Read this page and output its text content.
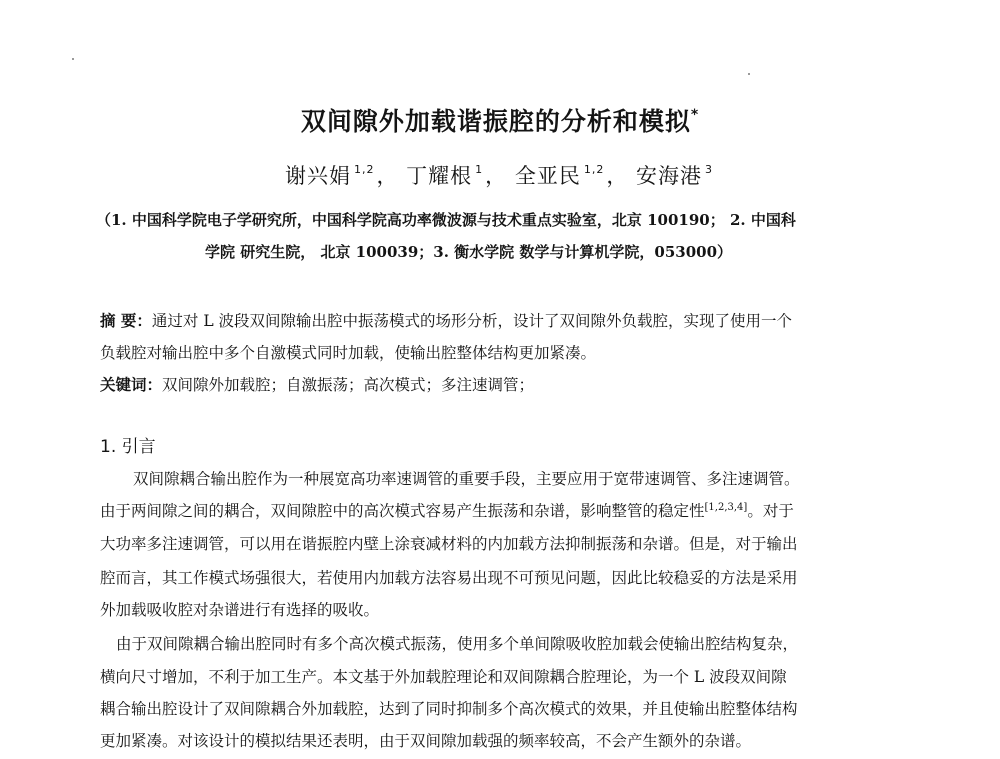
双间隙外加载谐振腔的分析和模拟*
谢兴娟 $^{1,2}$， 丁耀根 $^1$， 全亚民 $^{1,2}$， 安海港 $^3$
（1. 中国科学院电子学研究所，中国科学院高功率微波源与技术重点实验室，北京 100190； 2. 中国科
学院 研究生院， 北京 100039；3. 衡水学院 数学与计算机学院，053000）
摘 要：通过对 L 波段双间隙输出腔中振荡模式的场形分析，设计了双间隙外负载腔，实现了使用一个
负载腔对输出腔中多个自激模式同时加载，使输出腔整体结构更加紧凑。
关键词：双间隙外加载腔；自激振荡；高次模式；多注速调管；
1. 引言
双间隙耦合输出腔作为一种展宽高功率速调管的重要手段，主要应用于宽带速调管、多注速调管。
由于两间隙之间的耦合，双间隙腔中的高次模式容易产生振荡和杂谱，影响整管的稳定性[1,2,3,4]。对于
大功率多注速调管，可以用在谐振腔内壁上涂衰减材料的内加载方法抑制振荡和杂谱。但是，对于输出
腔而言，其工作模式场强很大，若使用内加载方法容易出现不可预见问题，因此比较稳妥的方法是采用
外加载吸收腔对杂谱进行有选择的吸收。
由于双间隙耦合输出腔同时有多个高次模式振荡，使用多个单间隙吸收腔加载会使输出腔结构复杂，
横向尺寸增加，不利于加工生产。本文基于外加载腔理论和双间隙耦合腔理论，为一个 L 波段双间隙
耦合输出腔设计了双间隙耦合外加载腔，达到了同时抑制多个高次模式的效果，并且使输出腔整体结构
更加紧凑。对该设计的模拟结果还表明，由于双间隙加载强的频率较高，不会产生额外的杂谱。
